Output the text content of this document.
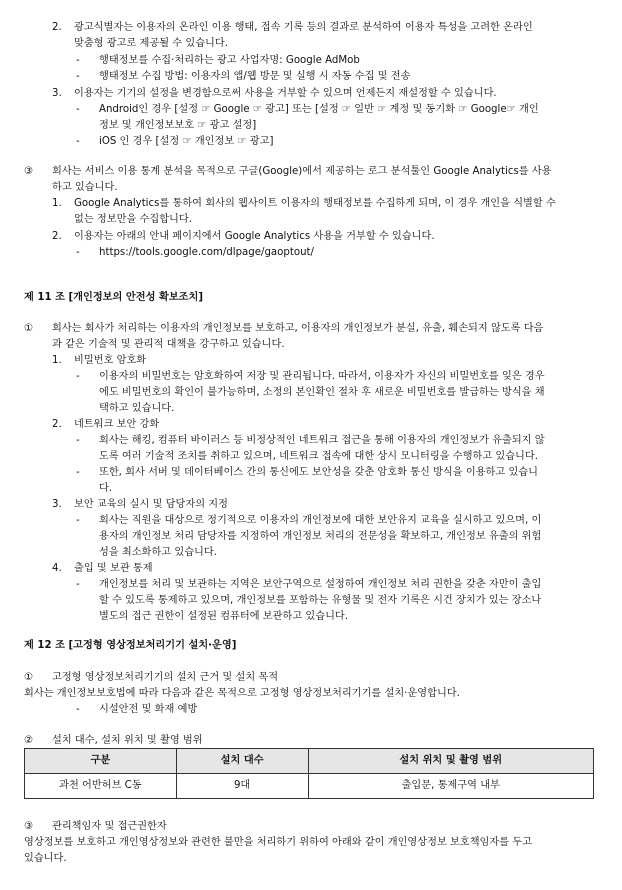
구분	설치 대수	설치 위치 및 촬영 범위
과천 어반허브 C동	9대	출입문, 통제구역 내부
2. 광고식별자는 이용자의 온라인 이용 행태, 접속 기록 등의 결과로 분석하여 이용자 특성을 고려한 온라인
맞춤형 광고로 제공될 수 있습니다.
- 행태정보를 수집·처리하는 광고 사업자명: Google AdMob
- 행태정보 수집 방법: 이용자의 앱/웹 방문 및 실행 시 자동 수집 및 전송
3. 이용자는 기기의 설정을 변경함으로써 사용을 거부할 수 있으며 언제든지 재설정할 수 있습니다.
- Android인 경우 [설정 ☞ Google ☞ 광고] 또는 [설정 ☞ 일반 ☞ 계정 및 동기화 ☞ Google☞ 개인
정보 및 개인정보보호 ☞ 광고 설정]
- iOS 인 경우 [설정 ☞ 개인정보 ☞ 광고]
③ 회사는 서비스 이용 통계 분석을 목적으로 구글(Google)에서 제공하는 로그 분석툴인 Google Analytics를 사용
하고 있습니다.
1. Google Analytics를 통하여 회사의 웹사이트 이용자의 행태정보를 수집하게 되며, 이 경우 개인을 식별할 수
없는 정보만을 수집합니다.
2. 이용자는 아래의 안내 페이지에서 Google Analytics 사용을 거부할 수 있습니다.
- https://tools.google.com/dlpage/gaoptout/
제 11 조 [개인정보의 안전성 확보조치]
① 회사는 회사가 처리하는 이용자의 개인정보를 보호하고, 이용자의 개인정보가 분실, 유출, 훼손되지 않도록 다음
과 같은 기술적 및 관리적 대책을 강구하고 있습니다.
1. 비밀번호 암호화
- 이용자의 비밀번호는 암호화하여 저장 및 관리됩니다. 따라서, 이용자가 자신의 비밀번호를 잊은 경우
에도 비밀번호의 확인이 불가능하며, 소정의 본인확인 절차 후 새로운 비밀번호를 발급하는 방식을 채
택하고 있습니다.
2. 네트워크 보안 강화
- 회사는 해킹, 컴퓨터 바이러스 등 비정상적인 네트워크 접근을 통해 이용자의 개인정보가 유출되지 않
도록 여러 기술적 조치를 취하고 있으며, 네트워크 접속에 대한 상시 모니터링을 수행하고 있습니다.
- 또한, 회사 서버 및 데이터베이스 간의 통신에도 보안성을 갖춘 암호화 통신 방식을 이용하고 있습니
다.
3. 보안 교육의 실시 및 담당자의 지정
- 회사는 직원을 대상으로 정기적으로 이용자의 개인정보에 대한 보안유지 교육을 실시하고 있으며, 이
용자의 개인정보 처리 담당자를 지정하여 개인정보 처리의 전문성을 확보하고, 개인정보 유출의 위험
성을 최소화하고 있습니다.
4. 출입 및 보관 통제
- 개인정보를 처리 및 보관하는 지역은 보안구역으로 설정하여 개인정보 처리 권한을 갖춘 자만이 출입
할 수 있도록 통제하고 있으며, 개인정보를 포함하는 유형물 및 전자 기록은 시건 장치가 있는 장소나
별도의 접근 권한이 설정된 컴퓨터에 보관하고 있습니다.
제 12 조 [고정형 영상정보처리기기 설치·운영]
① 고정형 영상정보처리기기의 설치 근거 및 설치 목적
회사는 개인정보보호법에 따라 다음과 같은 목적으로 고정형 영상정보처리기기를 설치·운영합니다.
- 시설안전 및 화재 예방
② 설치 대수, 설치 위치 및 촬영 범위
③ 관리책임자 및 접근권한자
영상정보를 보호하고 개인영상정보와 관련한 불만을 처리하기 위하여 아래와 같이 개인영상정보 보호책임자를 두고
있습니다.
